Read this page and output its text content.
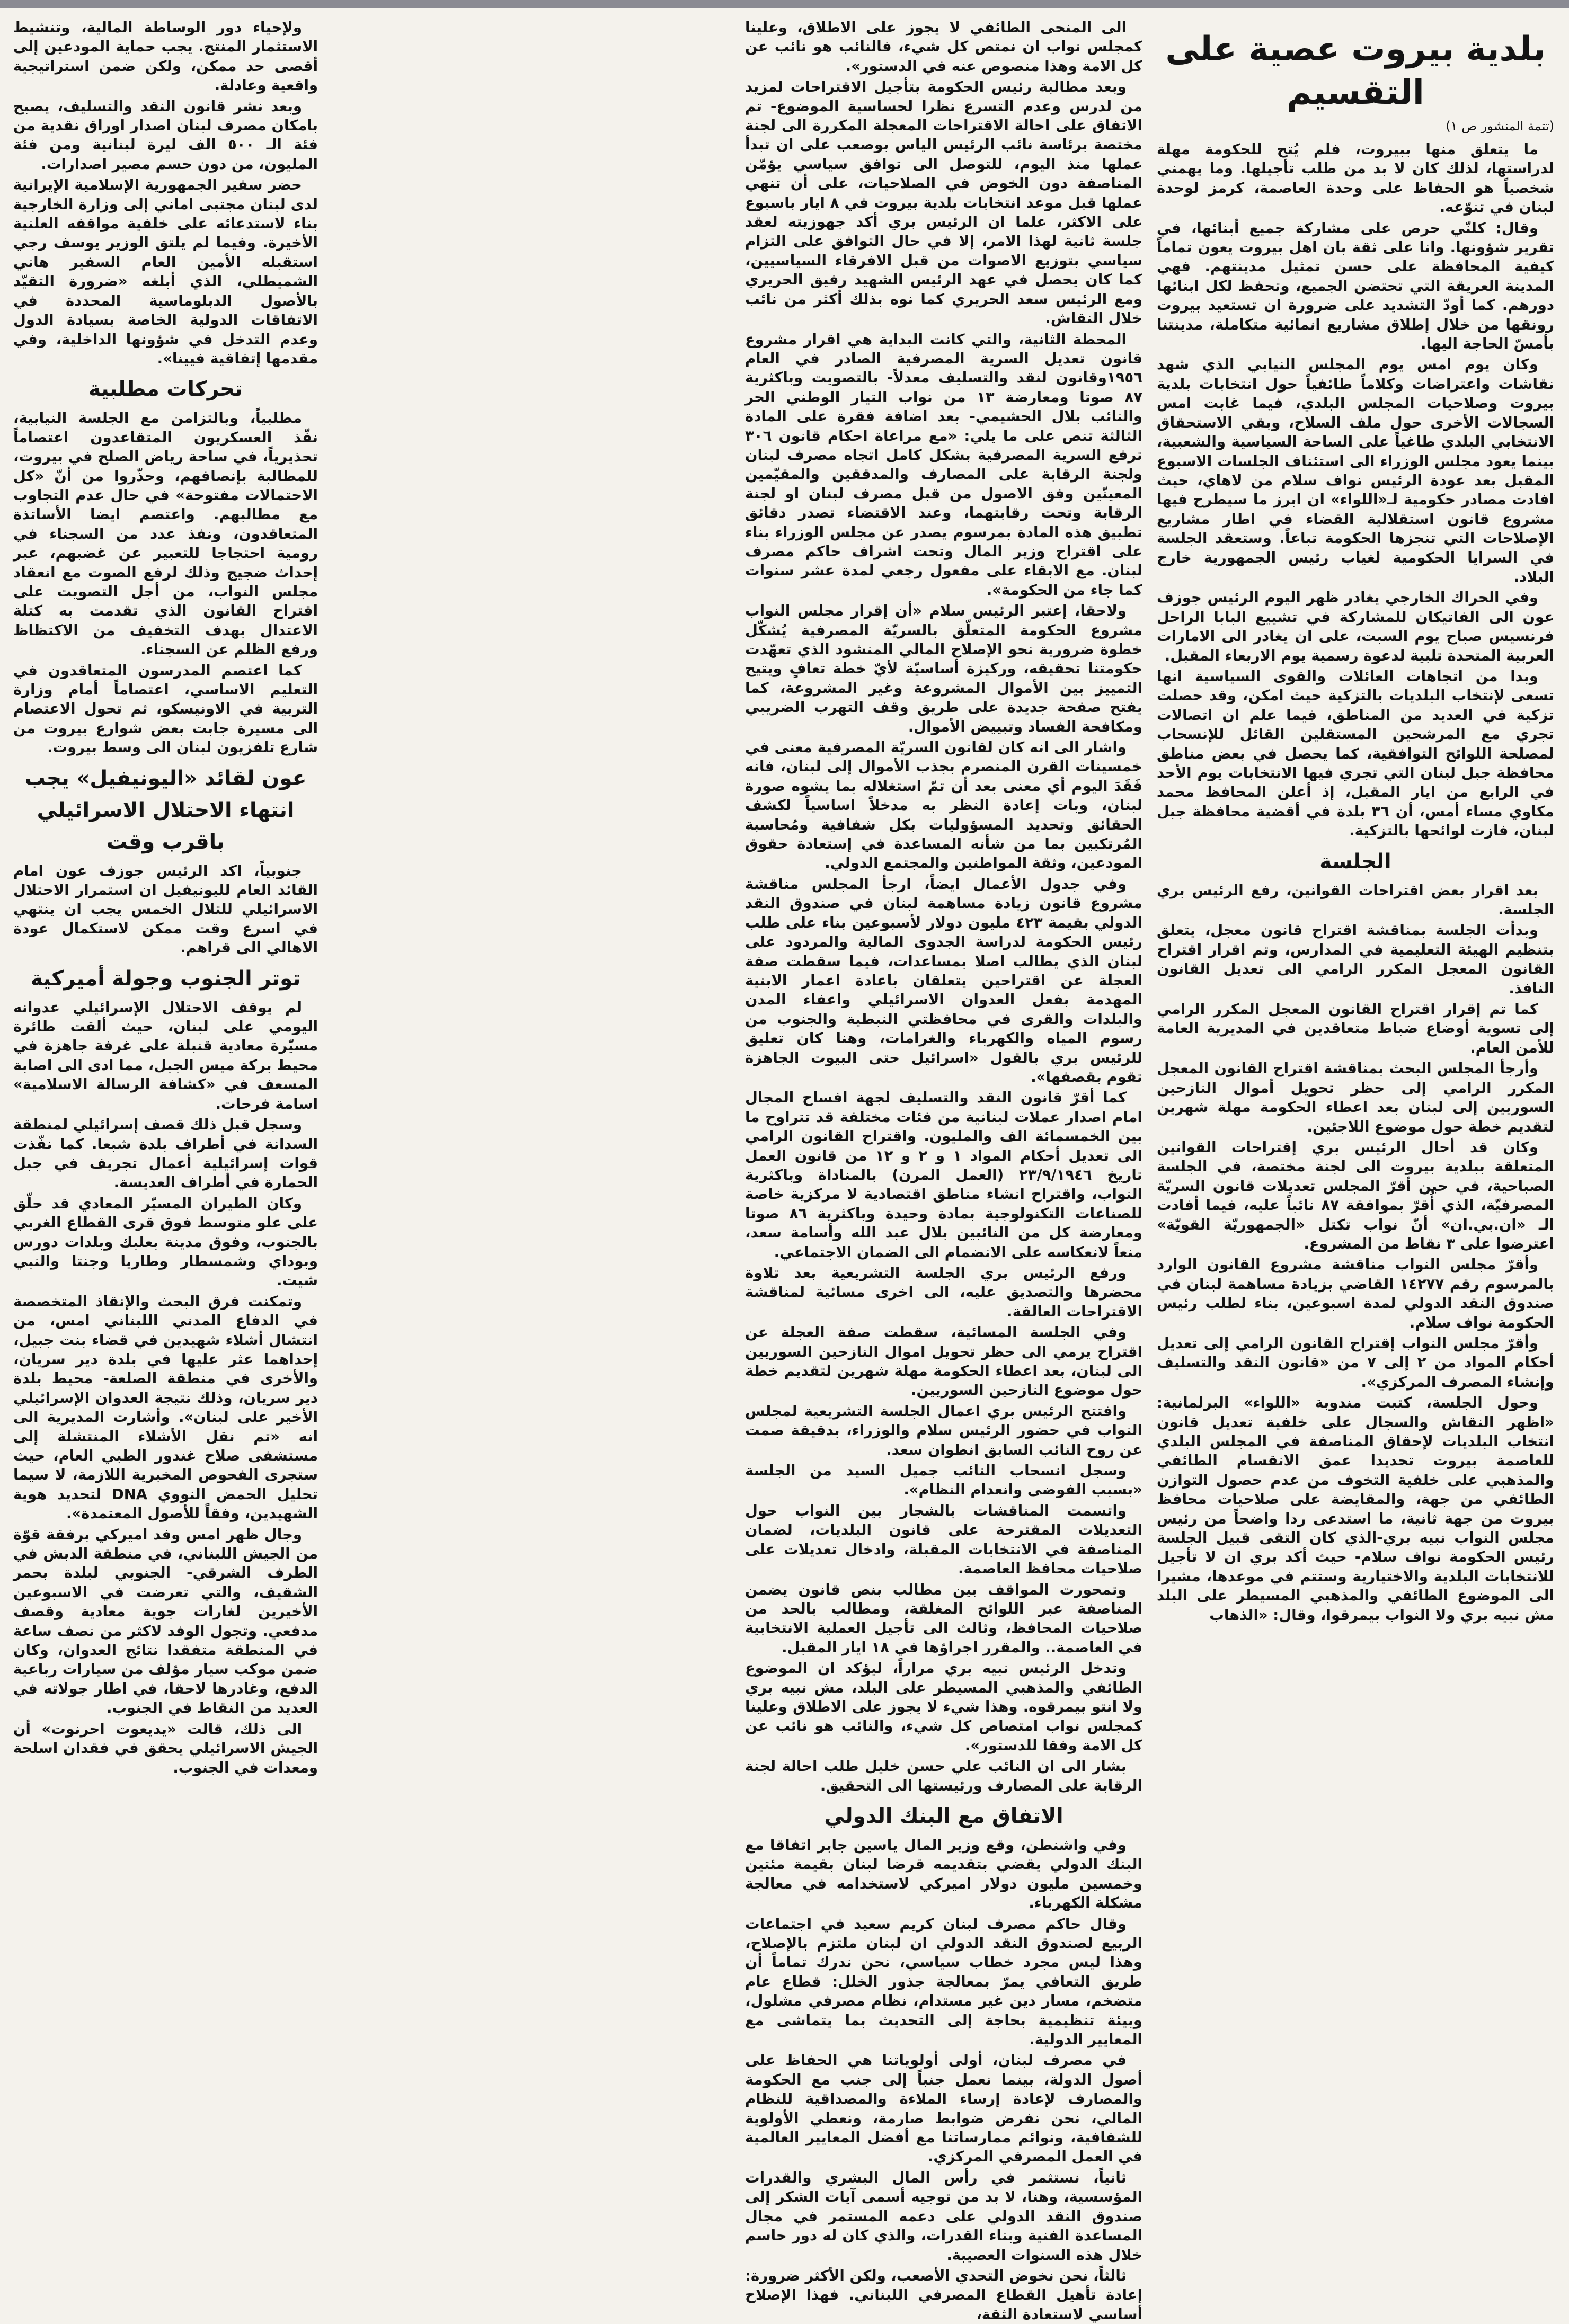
بلدية بيروت عصية على التقسيم
(تتمة المنشور ص ١)

ما يتعلق منها ببيروت، فلم يُتح للحكومة مهلة لدراستها، لذلك كان لا بد من طلب تأجيلها. وما يهمني شخصياً هو الحفاظ على وحدة العاصمة، كرمز لوحدة لبنان في تنوّعه.

وقال: كلنّي حرص على مشاركة جميع أبنائها، في تقرير شؤونها. وانا على ثقة بان اهل بيروت يعون تماماً كيفية المحافظة على حسن تمثيل مدينتهم. فهي المدينة العريقة التي تحتضن الجميع، وتحفظ لكل ابنائها دورهم. كما أودّ التشديد على ضرورة ان تستعيد بيروت رونقها من خلال إطلاق مشاريع انمائية متكاملة، مدينتنا بأمسّ الحاجة اليها.

وكان يوم امس يوم المجلس النيابي الذي شهد نقاشات واعتراضات وكلاماً طائفياً حول انتخابات بلدية بيروت وصلاحيات المجلس البلدي، فيما غابت امس السجالات الأخرى حول ملف السلاح، وبقي الاستحقاق الانتخابي البلدي طاغياً على الساحة السياسية والشعبية، بينما يعود مجلس الوزراء الى استئناف الجلسات الاسبوع المقبل بعد عودة الرئيس نواف سلام من لاهاي، حيث افادت مصادر حكومية لـ«اللواء» ان ابرز ما سيطرح فيها مشروع قانون استقلالية القضاء في اطار مشاريع الإصلاحات التي تنجزها الحكومة تباعاً. وستعقد الجلسة في السرايا الحكومية لغياب رئيس الجمهورية خارج البلاد.

وفي الحراك الخارجي يغادر ظهر اليوم الرئيس جوزف عون الى الفاتيكان للمشاركة في تشييع البابا الراحل فرنسيس صباح يوم السبت، على ان يغادر الى الامارات العربية المتحدة تلبية لدعوة رسمية يوم الاربعاء المقبل.

وبدا من اتجاهات العائلات والقوى السياسية انها تسعى لإنتخاب البلديات بالتزكية حيث امكن، وقد حصلت تزكية في العديد من المناطق، فيما علم ان اتصالات تجري مع المرشحين المستقلين القائل للإنسحاب لمصلحة اللوائح التوافقية، كما يحصل في بعض مناطق محافظة جبل لبنان التي تجري فيها الانتخابات يوم الأحد في الرابع من ايار المقبل، إذ أعلن المحافظ محمد مكاوي مساء أمس، أن ٣٦ بلدة في أقضية محافظة جبل لبنان، فازت لوائحها بالتزكية.

الجلسة

بعد اقرار بعض اقتراحات القوانين، رفع الرئيس بري الجلسة.

وبدأت الجلسة بمناقشة اقتراح قانون معجل، يتعلق بتنظيم الهيئة التعليمية في المدارس، وتم اقرار اقتراح القانون المعجل المكرر الرامي الى تعديل القانون النافذ.

كما تم إقرار اقتراح القانون المعجل المكرر الرامي إلى تسوية أوضاع ضباط متعاقدين في المديرية العامة للأمن العام.

وأرجأ المجلس البحث بمناقشة اقتراح القانون المعجل المكرر الرامي إلى حظر تحويل أموال النازحين السوريين إلى لبنان بعد اعطاء الحكومة مهلة شهرين لتقديم خطة حول موضوع اللاجئين.

وكان قد أحال الرئيس بري إقتراحات القوانين المتعلقة ببلدية بيروت الى لجنة مختصة، في الجلسة الصباحية، في حين أقرّ المجلس تعديلات قانون السريّة المصرفيّة، الذي أُقرّ بموافقة ٨٧ نائباً عليه، فيما أفادت الـ «ان.بي.ان» أنّ نواب تكتل «الجمهوريّة القويّة» اعترضوا على ٣ نقاط من المشروع.

وأقرّ مجلس النواب مناقشة مشروع القانون الوارد بالمرسوم رقم ١٤٢٧٧ القاضي بزيادة مساهمة لبنان في صندوق النقد الدولي لمدة اسبوعين، بناء لطلب رئيس الحكومة نواف سلام.

وأقرّ مجلس النواب إقتراح القانون الرامي إلى تعديل أحكام المواد من ٢ إلى ٧ من «قانون النقد والتسليف وإنشاء المصرف المركزي».

وحول الجلسة، كتبت مندوبة «اللواء» البرلمانية: «اظهر النقاش والسجال على خلفية تعديل قانون انتخاب البلديات لإحقاق المناصفة في المجلس البلدي للعاصمة بيروت تحديدا عمق الانقسام الطائفي والمذهبي على خلفية التخوف من عدم حصول التوازن الطائفي من جهة، والمقايضة على صلاحيات محافظ بيروت من جهة ثانية، ما استدعى ردا واضحاً من رئيس مجلس النواب نبيه بري-الذي كان التقى قبيل الجلسة رئيس الحكومة نواف سلام- حيث أكد بري ان لا تأجيل للانتخابات البلدية والاختيارية وستتم في موعدها، مشيرا الى الموضوع الطائفي والمذهبي المسيطر على البلد مش نبيه بري ولا النواب بيمرقوا، وقال: «الذهاب

الى المنحى الطائفي لا يجوز على الاطلاق، وعلينا كمجلس نواب ان نمتص كل شيء، فالنائب هو نائب عن كل الامة وهذا منصوص عنه في الدستور».

وبعد مطالبة رئيس الحكومة بتأجيل الاقتراحات لمزيد من لدرس وعدم التسرع نظرا لحساسية الموضوع- تم الاتفاق على احالة الاقتراحات المعجلة المكررة الى لجنة مختصة برئاسة نائب الرئيس الياس بوصعب على ان تبدأ عملها منذ اليوم، للتوصل الى توافق سياسي يؤمّن المناصفة دون الخوض في الصلاحيات، على أن تنهي عملها قبل موعد انتخابات بلدية بيروت في ٨ ايار باسبوع على الاكثر، علما ان الرئيس بري أكد جهوزيته لعقد جلسة ثانية لهذا الامر، إلا في حال التوافق على التزام سياسي بتوزيع الاصوات من قبل الافرقاء السياسيين، كما كان يحصل في عهد الرئيس الشهيد رفيق الحريري ومع الرئيس سعد الحريري كما نوه بذلك أكثر من نائب خلال النقاش.

المحطة الثانية، والتي كانت البداية هي اقرار مشروع قانون تعديل السرية المصرفية الصادر في العام ١٩٥٦وقانون لنقد والتسليف معدلاً- بالتصويت وباكثرية ٨٧ صوتا ومعارضة ١٣ من نواب التيار الوطني الحر والنائب بلال الحشيمي- بعد اضافة فقرة على المادة الثالثة تنص على ما يلي: «مع مراعاة احكام قانون ٣٠٦ ترفع السرية المصرفية بشكل كامل اتجاه مصرف لبنان ولجنة الرقابة على المصارف والمدققين والمقيّمين المعينّين وفق الاصول من قبل مصرف لبنان او لجنة الرقابة وتحت رقابتهما، وعند الاقتضاء تصدر دقائق تطبيق هذه المادة بمرسوم يصدر عن مجلس الوزراء بناء على اقتراح وزير المال وتحت اشراف حاكم مصرف لبنان. مع الابقاء على مفعول رجعي لمدة عشر سنوات كما جاء من الحكومة».

ولاحقا، إعتبر الرئيس سلام «أن إقرار مجلس النواب مشروع الحكومة المتعلّق بالسريّة المصرفية يُشكّل خطوة ضرورية نحو الإصلاح المالي المنشود الذي تعهّدت حكومتنا تحقيقه، وركيزة أساسيّة لأيّ خطة تعافٍ ويتيح التمييز بين الأموال المشروعة وغير المشروعة، كما يفتح صفحة جديدة على طريق وقف التهرب الضريبي ومكافحة الفساد وتبييض الأموال.

واشار الى انه كان لقانون السريّة المصرفية معنى في خمسينات القرن المنصرم بجذب الأموال إلى لبنان، فانه فَقَدَ اليوم أي معنى بعد أن تمّ استغلاله بما يشوه صورة لبنان، وبات إعادة النظر به مدخلاً اساسياً لكشف الحقائق وتحديد المسؤوليات بكل شفافية ومُحاسبة المُرتكبين بما من شأنه المساعدة في إستعادة حقوق المودعين، وثقة المواطنين والمجتمع الدولي.

وفي جدول الأعمال ايضاً، ارجأ المجلس مناقشة مشروع قانون زيادة مساهمة لبنان في صندوق النقد الدولي بقيمة ٤٢٣ مليون دولار لأسبوعين بناء على طلب رئيس الحكومة لدراسة الجدوى المالية والمردود على لبنان الذي يطالب اصلا بمساعدات، فيما سقطت صفة العجلة عن اقتراحين يتعلقان باعادة اعمار الابنية المهدمة بفعل العدوان الاسرائيلي واعفاء المدن والبلدات والقرى في محافظتي النبطية والجنوب من رسوم المياه والكهرباء والغرامات، وهنا كان تعليق للرئيس بري بالقول «اسرائيل حتى البيوت الجاهزة تقوم بقصفها».

كما أقرّ قانون النقد والتسليف لجهة افساح المجال امام اصدار عملات لبنانية من فئات مختلفة قد تتراوح ما بين الخمسمائة الف والمليون. واقتراح القانون الرامي الى تعديل أحكام المواد ١ و ٢ و ١٢ من قانون العمل تاريخ ٢٣/٩/١٩٤٦ (العمل المرن) بالمناداة وباكثرية النواب، واقتراح انشاء مناطق اقتصادية لا مركزية خاصة للصناعات التكنولوجية بمادة وحيدة وباكثرية ٨٦ صوتا ومعارضة كل من النائبين بلال عبد الله وأسامة سعد، منعاً لانعكاسه على الانضمام الى الضمان الاجتماعي.

ورفع الرئيس بري الجلسة التشريعية بعد تلاوة محضرها والتصديق عليه، الى اخرى مسائية لمناقشة الاقتراحات العالقة.

وفي الجلسة المسائية، سقطت صفة العجلة عن اقتراح يرمي الى حظر تحويل اموال النازحين السوريين الى لبنان، بعد اعطاء الحكومة مهلة شهرين لتقديم خطة حول موضوع النازحين السوريين.

وافتتح الرئيس بري اعمال الجلسة التشريعية لمجلس النواب في حضور الرئيس سلام والوزراء، بدقيقة صمت عن روح النائب السابق انطوان سعد.

وسجل انسحاب النائب جميل السيد من الجلسة «بسبب الفوضى وانعدام النظام».

واتسمت المناقشات بالشجار بين النواب حول التعديلات المقترحة على قانون البلديات، لضمان المناصفة في الانتخابات المقبلة، وادخال تعديلات على صلاحيات محافظ العاصمة.

وتمحورت المواقف بين مطالب بنص قانون يضمن المناصفة عبر اللوائح المغلقة، ومطالب بالحد من صلاحيات المحافظ، وثالث الى تأجيل العملية الانتخابية في العاصمة.. والمقرر اجراؤها في ١٨ ايار المقبل.

وتدخل الرئيس نبيه بري مراراً، ليؤكد ان الموضوع الطائفي والمذهبي المسيطر على البلد، مش نبيه بري ولا انتو بيمرقوه. وهذا شيء لا يجوز على الاطلاق وعلينا كمجلس نواب امتصاص كل شيء، والنائب هو نائب عن كل الامة وفقا للدستور».

بشار الى ان النائب علي حسن خليل طلب احالة لجنة الرقابة على المصارف ورئيستها الى التحقيق.

الاتفاق مع البنك الدولي

وفي واشنطن، وقع وزير المال ياسين جابر اتفاقا مع البنك الدولي يقضي بتقديمه قرضا لبنان بقيمة مئتين وخمسين مليون دولار اميركي لاستخدامه في معالجة مشكلة الكهرباء.

وقال حاكم مصرف لبنان كريم سعيد في اجتماعات الربيع لصندوق النقد الدولي ان لبنان ملتزم بالإصلاح، وهذا ليس مجرد خطاب سياسي، نحن ندرك تماماً أن طريق التعافي يمرّ بمعالجة جذور الخلل: قطاع عام متضخم، مسار دين غير مستدام، نظام مصرفي مشلول، وبيئة تنظيمية بحاجة إلى التحديث بما يتماشى مع المعايير الدولية.

في مصرف لبنان، أولى أولوياتنا هي الحفاظ على أصول الدولة، بينما نعمل جنباً إلى جنب مع الحكومة والمصارف لإعادة إرساء الملاءة والمصداقية للنظام المالي، نحن نفرض ضوابط صارمة، ونعطي الأولوية للشفافية، ونوائم ممارساتنا مع أفضل المعايير العالمية في العمل المصرفي المركزي.

ثانياً، نستثمر في رأس المال البشري والقدرات المؤسسية، وهنا، لا بد من توجيه أسمى آيات الشكر إلى صندوق النقد الدولي على دعمه المستمر في مجال المساعدة الفنية وبناء القدرات، والذي كان له دور حاسم خلال هذه السنوات العصيبة.

ثالثاً، نحن نخوض التحدي الأصعب، ولكن الأكثر ضرورة: إعادة تأهيل القطاع المصرفي اللبناني. فهذا الإصلاح أساسي لاستعادة الثقة،

ولإحياء دور الوساطة المالية، وتنشيط الاستثمار المنتج. يجب حماية المودعين إلى أقصى حد ممكن، ولكن ضمن استراتيجية واقعية وعادلة.

وبعد نشر قانون النقد والتسليف، يصبح بامكان مصرف لبنان اصدار اوراق نقدية من فئة الـ ٥٠٠ الف ليرة لبنانية ومن فئة المليون، من دون حسم مصير اصدارات.

حضر سفير الجمهورية الإسلامية الإيرانية لدى لبنان مجتبى اماني إلى وزارة الخارجية بناء لاستدعائه على خلفية مواقفه العلنية الأخيرة. وفيما لم يلتق الوزير يوسف رجي استقبله الأمين العام السفير هاني الشميطلي، الذي أبلغه «ضرورة التقيّد بالأصول الدبلوماسية المحددة في الاتفاقات الدولية الخاصة بسيادة الدول وعدم التدخل في شؤونها الداخلية، وفي مقدمها إتفاقية فيينا».

تحركات مطلبية

مطلبياً، وبالتزامن مع الجلسة النيابية، نفّذ العسكريون المتقاعدون اعتصاماً تحذيرياً، في ساحة رياض الصلح في بيروت، للمطالبة بإنصافهم، وحذّروا من أنّ «كل الاحتمالات مفتوحة» في حال عدم التجاوب مع مطالبهم. واعتصم ايضا الأساتذة المتعاقدون، ونفذ عدد من السجناء في رومية احتجاجا للتعبير عن غضبهم، عبر إحداث ضجيج وذلك لرفع الصوت مع انعقاد مجلس النواب، من أجل التصويت على اقتراح القانون الذي تقدمت به كتلة الاعتدال بهدف التخفيف من الاكتظاظ ورفع الظلم عن السجناء.

كما اعتصم المدرسون المتعاقدون في التعليم الاساسي، اعتصاماً أمام وزارة التربية في الاونيسكو، ثم تحول الاعتصام الى مسيرة جابت بعض شوارع بيروت من شارع تلفزيون لبنان الى وسط بيروت.

عون لقائد «اليونيفيل» يجب انتهاء الاحتلال الاسرائيلي باقرب وقت

جنوبياً، اكد الرئيس جوزف عون امام القائد العام لليونيفيل ان استمرار الاحتلال الاسرائيلي للتلال الخمس يجب ان ينتهي في اسرع وقت ممكن لاستكمال عودة الاهالي الى قراهم.

توتر الجنوب وجولة أميركية

لم يوقف الاحتلال الإسرائيلي عدوانه اليومي على لبنان، حيث ألقت طائرة مسيّرة معادية قنبلة على غرفة جاهزة في محيط بركة ميس الجبل، مما ادى الى اصابة المسعف في «كشافة الرسالة الاسلامية» اسامة فرحات.

وسجل قبل ذلك قصف إسرائيلي لمنطقة السدانة في أطراف بلدة شبعا. كما نفّذت قوات إسرائيلية أعمال تجريف في جبل الحمارة في أطراف العديسة.

وكان الطيران المسيّر المعادي قد حلّق على علو متوسط فوق قرى القطاع الغربي بالجنوب، وفوق مدينة بعلبك وبلدات دورس وبوداي وشمسطار وطاريا وجنتا والنبي شيت.

وتمكنت فرق البحث والإنقاذ المتخصصة في الدفاع المدني اللبناني امس، من انتشال أشلاء شهيدين في قضاء بنت جبيل، إحداهما عثر عليها في بلدة دير سريان، والأخرى في منطقة الصلعة- محيط بلدة دير سريان، وذلك نتيجة العدوان الإسرائيلي الأخير على لبنان». وأشارت المديرية الى انه «تم نقل الأشلاء المنتشلة إلى مستشفى صلاح غندور الطبي العام، حيث ستجرى الفحوص المخبرية اللازمة، لا سيما تحليل الحمض النووي DNA لتحديد هوية الشهيدين، وفقاً للأصول المعتمدة».

وجال ظهر امس وفد اميركي برفقة قوّة من الجيش اللبناني، في منطقة الدبش في الطرف الشرقي- الجنوبي لبلدة بحمر الشقيف، والتي تعرضت في الاسبوعين الأخيرين لغارات جوية معادية وقصف مدفعي. وتجول الوفد لاكثر من نصف ساعة في المنطقة متفقدا نتائج العدوان، وكان ضمن موكب سيار مؤلف من سيارات رباعية الدفع، وغادرها لاحقا، في اطار جولاته في العديد من النقاط في الجنوب.

الى ذلك، قالت «يديعوت احرنوت» أن الجيش الاسرائيلي يحقق في فقدان اسلحة ومعدات في الجنوب.
